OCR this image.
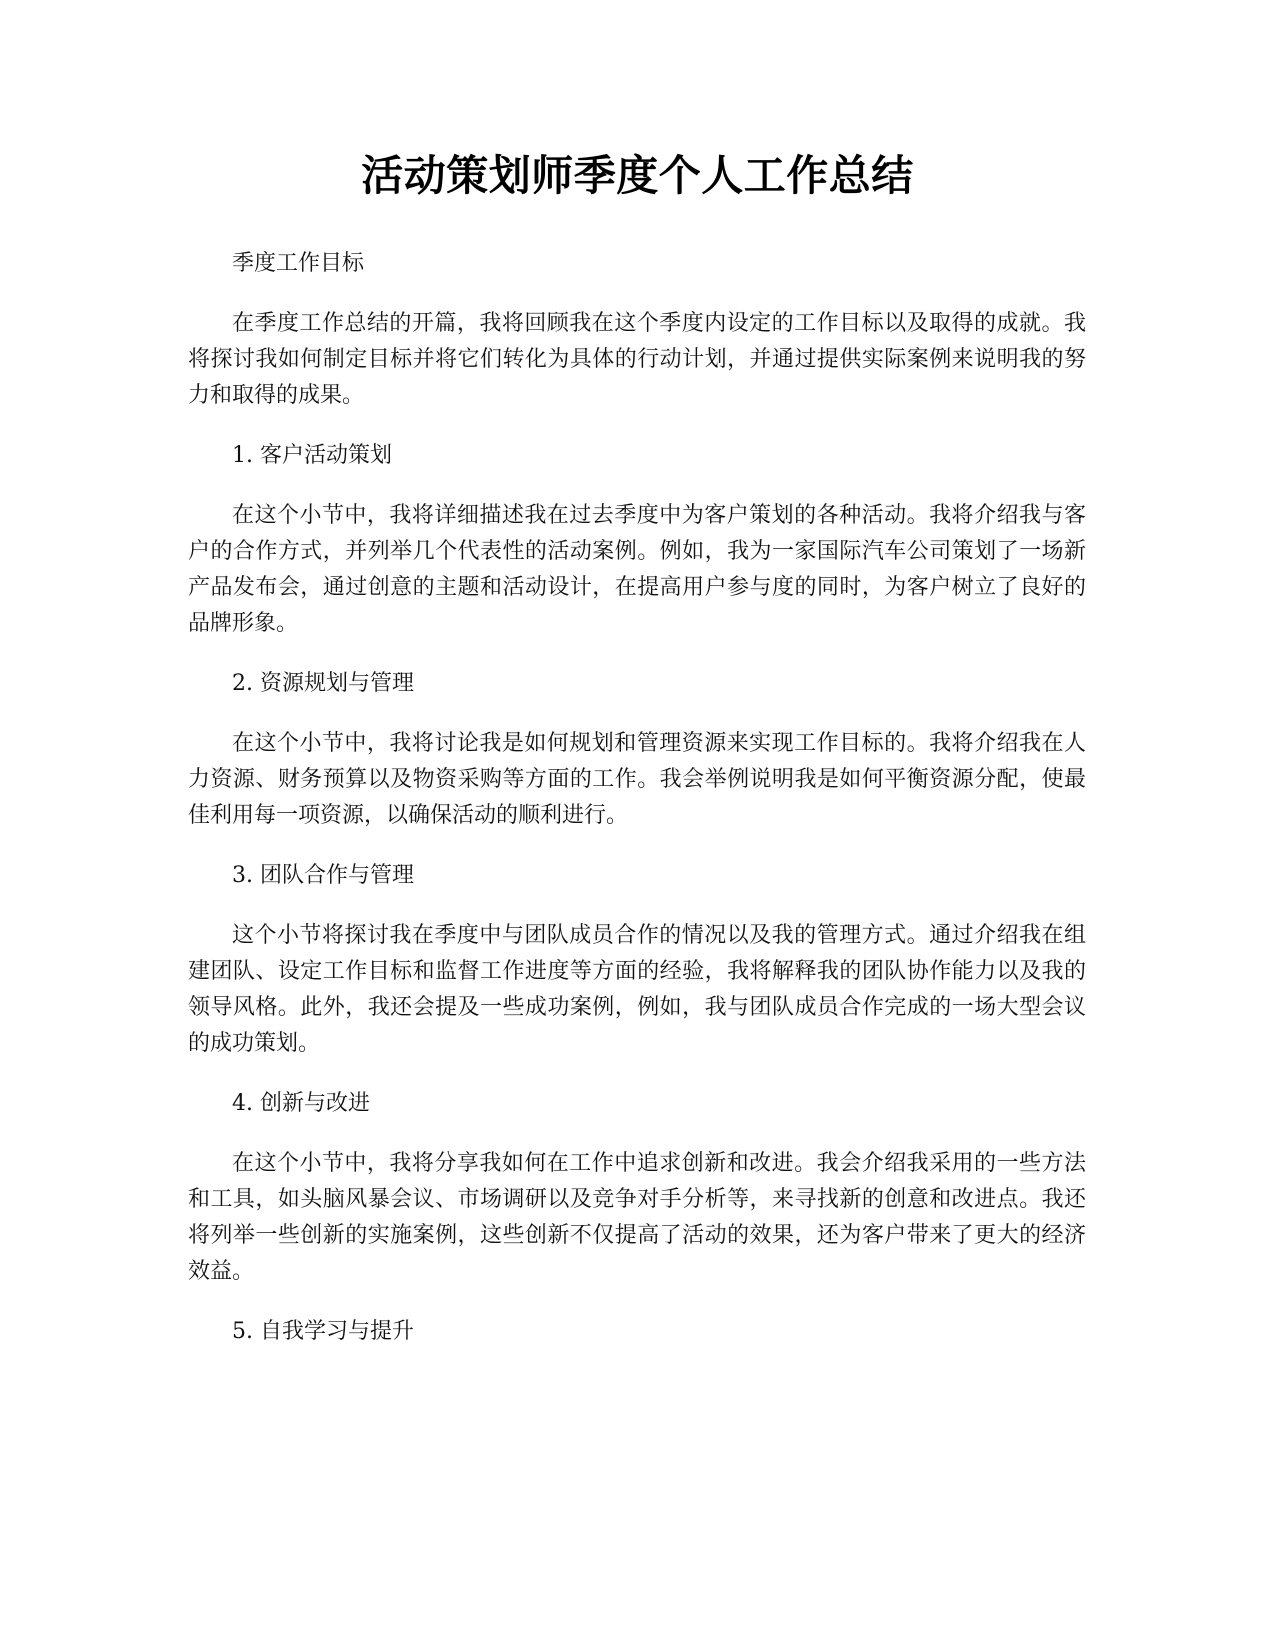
活动策划师季度个人工作总结

季度工作目标

在季度工作总结的开篇，我将回顾我在这个季度内设定的工作目标以及取得的成就。我将探讨我如何制定目标并将它们转化为具体的行动计划，并通过提供实际案例来说明我的努力和取得的成果。

1. 客户活动策划

在这个小节中，我将详细描述我在过去季度中为客户策划的各种活动。我将介绍我与客户的合作方式，并列举几个代表性的活动案例。例如，我为一家国际汽车公司策划了一场新产品发布会，通过创意的主题和活动设计，在提高用户参与度的同时，为客户树立了良好的品牌形象。

2. 资源规划与管理

在这个小节中，我将讨论我是如何规划和管理资源来实现工作目标的。我将介绍我在人力资源、财务预算以及物资采购等方面的工作。我会举例说明我是如何平衡资源分配，使最佳利用每一项资源，以确保活动的顺利进行。

3. 团队合作与管理

这个小节将探讨我在季度中与团队成员合作的情况以及我的管理方式。通过介绍我在组建团队、设定工作目标和监督工作进度等方面的经验，我将解释我的团队协作能力以及我的领导风格。此外，我还会提及一些成功案例，例如，我与团队成员合作完成的一场大型会议的成功策划。

4. 创新与改进

在这个小节中，我将分享我如何在工作中追求创新和改进。我会介绍我采用的一些方法和工具，如头脑风暴会议、市场调研以及竞争对手分析等，来寻找新的创意和改进点。我还将列举一些创新的实施案例，这些创新不仅提高了活动的效果，还为客户带来了更大的经济效益。

5. 自我学习与提升
